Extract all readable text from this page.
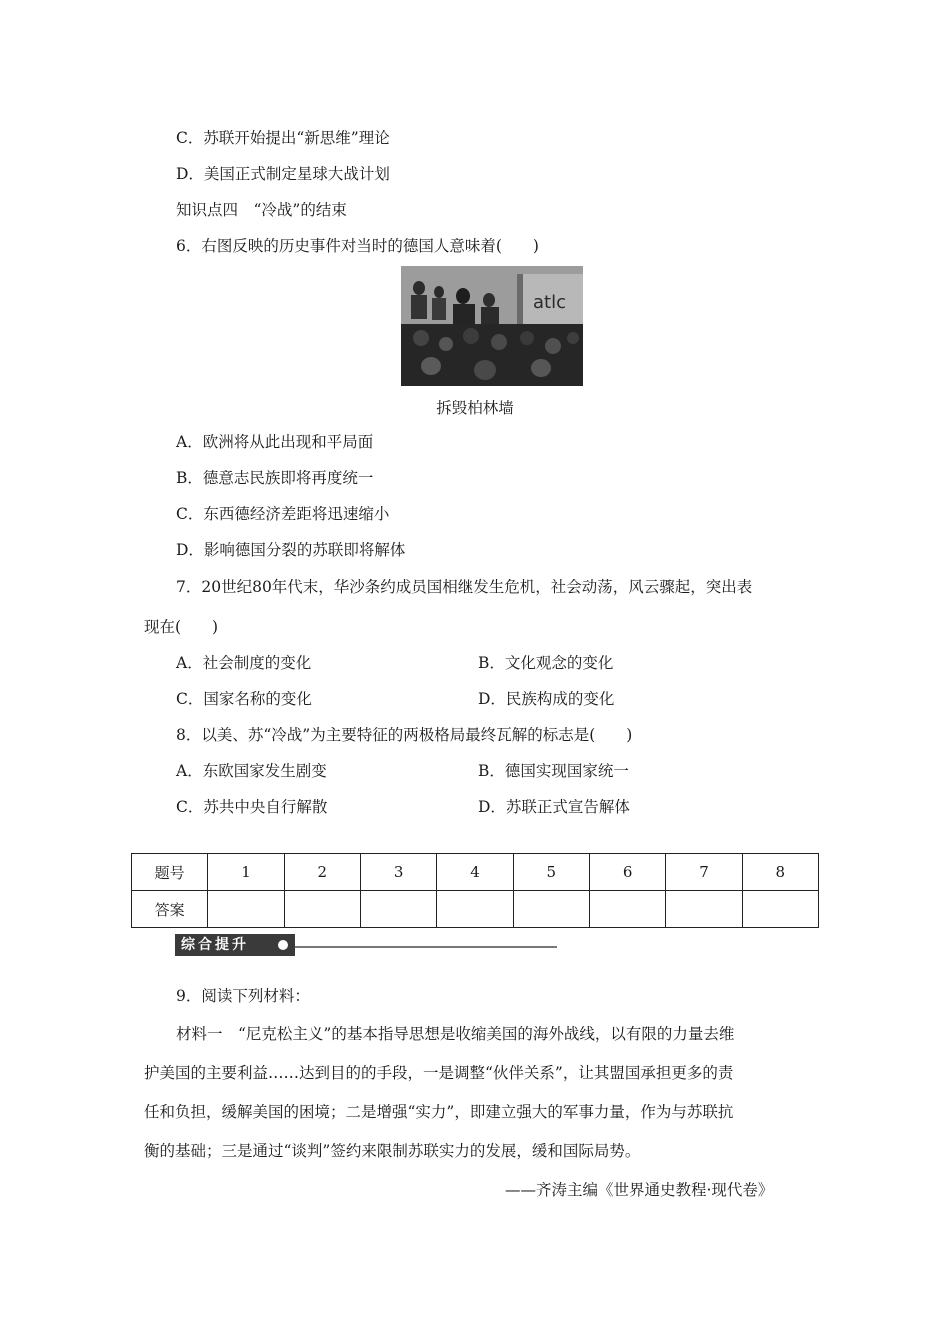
C．苏联开始提出“新思维”理论
D．美国正式制定星球大战计划
知识点四　“冷战”的结束
6．右图反映的历史事件对当时的德国人意味着(　　)
atlc
拆毁柏林墙
A．欧洲将从此出现和平局面
B．德意志民族即将再度统一
C．东西德经济差距将迅速缩小
D．影响德国分裂的苏联即将解体
7．20世纪80年代末，华沙条约成员国相继发生危机，社会动荡，风云骤起，突出表
现在(　　)
A．社会制度的变化	B．文化观念的变化
C．国家名称的变化	D．民族构成的变化
8．以美、苏“冷战”为主要特征的两极格局最终瓦解的标志是(　　)
A．东欧国家发生剧变	B．德国实现国家统一
C．苏共中央自行解散	D．苏联正式宣告解体
题号	1	2	3	4	5	6	7	8
答案								
综合提升
9．阅读下列材料：
材料一　“尼克松主义”的基本指导思想是收缩美国的海外战线，以有限的力量去维
护美国的主要利益……达到目的的手段，一是调整“伙伴关系”，让其盟国承担更多的责
任和负担，缓解美国的困境；二是增强“实力”，即建立强大的军事力量，作为与苏联抗
衡的基础；三是通过“谈判”签约来限制苏联实力的发展，缓和国际局势。
——齐涛主编《世界通史教程·现代卷》
